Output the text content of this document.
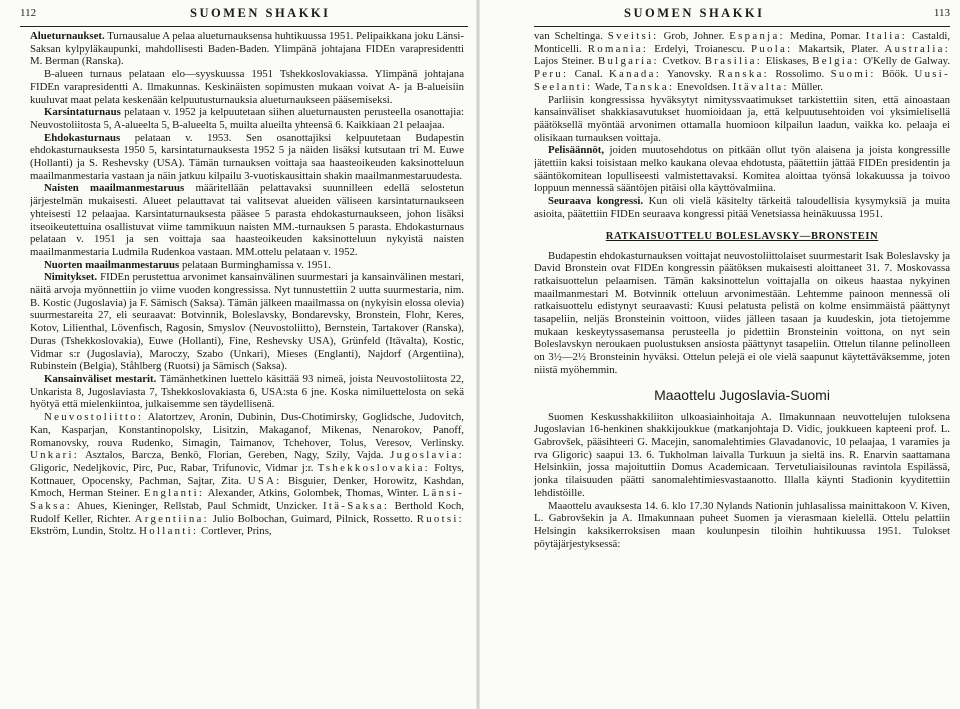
112	SUOMEN SHAKKI

Alueturnaukset. Turnausalue A pelaa alueturnauksensa huhtikuussa 1951. Pelipaikkana joku Länsi-Saksan kylpyläkaupunki, mahdollisesti Baden-Baden. Ylimpänä johtajana FIDEn varapresidentti M. Berman (Ranska).

B-alueen turnaus pelataan elo—syyskuussa 1951 Tshekkoslovakiassa. Ylimpänä johtajana FIDEn varapresidentti A. Ilmakunnas. Keskinäisten sopimusten mukaan voivat A- ja B-alueisiin kuuluvat maat pelata keskenään kelpuutusturnauksia alueturnaukseen pääsemiseksi.

Karsintaturnaus pelataan v. 1952 ja kelpuutetaan siihen alueturnausten perusteella osanottajia: Neuvostoliitosta 5, A-alueelta 5, B-alueelta 5, muilta alueilta yhteensä 6. Kaikkiaan 21 pelaajaa.

Ehdokasturnaus pelataan v. 1953. Sen osanottajiksi kelpuutetaan Budapestin ehdokasturnauksesta 1950 5, karsintaturnauksesta 1952 5 ja näiden lisäksi kutsutaan tri M. Euwe (Hollanti) ja S. Reshevsky (USA). Tämän turnauksen voittaja saa haasteoikeuden kaksinotteluun maailmanmestaria vastaan ja näin jatkuu kilpailu 3-vuotiskausittain shakin maailmanmestaruudesta.

Naisten maailmanmestaruus määritellään pelattavaksi suunnilleen edellä selostetun järjestelmän mukaisesti. Alueet pelauttavat tai valitsevat alueiden väliseen karsintaturnaukseen yhteisesti 12 pelaajaa. Karsintaturnauksesta pääsee 5 parasta ehdokasturnaukseen, johon lisäksi itseoikeutettuina osallistuvat viime tammikuun naisten MM.-turnauksen 5 parasta. Ehdokasturnaus pelataan v. 1951 ja sen voittaja saa haasteoikeuden kaksinotteluun nykyistä naisten maailmanmestaria Ludmila Rudenkoa vastaan. MM.ottelu pelataan v. 1952.

Nuorten maailmanmestaruus pelataan Burminghamissa v. 1951.

Nimitykset. FIDEn perustettua arvonimet kansainvälinen suurmestari ja kansainvälinen mestari, näitä arvoja myönnettiin jo viime vuoden kongressissa. Nyt tunnustettiin 2 uutta suurmestaria, nim. B. Kostic (Jugoslavia) ja F. Sämisch (Saksa). Tämän jälkeen maailmassa on (nykyisin elossa olevia) suurmestareita 27, eli seuraavat: Botvinnik, Boleslavsky, Bondarevsky, Bronstein, Flohr, Keres, Kotov, Lilienthal, Lövenfisch, Ragosin, Smyslov (Neuvostoliitto), Bernstein, Tartakover (Ranska), Duras (Tshekkoslovakia), Euwe (Hollanti), Fine, Reshevsky USA), Grünfeld (Itävalta), Kostic, Vidmar s:r (Jugoslavia), Maroczy, Szabo (Unkari), Mieses (Englanti), Najdorf (Argentiina), Rubinstein (Belgia), Ståhlberg (Ruotsi) ja Sämisch (Saksa).

Kansainväliset mestarit. Tämänhetkinen luettelo käsittää 93 nimeä, joista Neuvostoliitosta 22, Unkarista 8, Jugoslaviasta 7, Tshekkoslovakiasta 6, USA:sta 6 jne. Koska nimiluettelosta on sekä hyötyä että mielenkiintoa, julkaisemme sen täydellisenä.

Neuvostoliitto: Alatortzev, Aronin, Dubinin, Dus-Chotimirsky, Goglidsche, Judovitch, Kan, Kasparjan, Konstantinopolsky, Lisitzin, Makaganof, Mikenas, Nenarokov, Panoff, Romanovsky, rouva Rudenko, Simagin, Taimanov, Tchehover, Tolus, Veresov, Verlinsky. Unkari: Asztalos, Barcza, Benkö, Florian, Gereben, Nagy, Szily, Vajda. Jugoslavia: Gligoric, Nedeljkovic, Pirc, Puc, Rabar, Trifunovic, Vidmar j:r. Tshekkoslovakia: Foltys, Kottnauer, Opocensky, Pachman, Sajtar, Zita. USA: Bisguier, Denker, Horowitz, Kashdan, Kmoch, Herman Steiner. Englanti: Alexander, Atkins, Golombek, Thomas, Winter. Länsi-Saksa: Ahues, Kieninger, Rellstab, Paul Schmidt, Unzicker. Itä-Saksa: Berthold Koch, Rudolf Keller, Richter. Argentiina: Julio Bolbochan, Guimard, Pilnick, Rossetto. Ruotsi: Ekström, Lundin, Stoltz. Hollanti: Cortlever, Prins,

SUOMEN SHAKKI	113

van Scheltinga. Sveitsi: Grob, Johner. Espanja: Medina, Pomar. Italia: Castaldi, Monticelli. Romania: Erdelyi, Troianescu. Puola: Makartsik, Plater. Australia: Lajos Steiner. Bulgaria: Cvetkov. Brasilia: Eliskases, Belgia: O'Kelly de Galway. Peru: Canal. Kanada: Yanovsky. Ranska: Rossolimo. Suomi: Böök. Uusi-Seelanti: Wade, Tanska: Enevoldsen. Itävalta: Müller.

Parliisin kongressissa hyväksytyt nimityssvaatimukset tarkistettiin siten, että ainoastaan kansainväliset shakkiasavutukset huomioidaan ja, että kelpuutusehtoiden voi yksimielisellä päätöksellä myöntää arvonimen ottamalla huomioon kilpailun laadun, vaikka ko. pelaaja ei olisikaan turnauksen voittaja.

Pelisäännöt, joiden muutosehdotus on pitkään ollut työn alaisena ja joista kongressille jätettiin kaksi toisistaan melko kaukana olevaa ehdotusta, päätettiin jättää FIDEn presidentin ja sääntökomitean lopulliseesti valmistettavaksi. Komitea aloittaa työnsä lokakuussa ja toivoo loppuun mennessä sääntöjen pitäisi olla käyttövalmiina.

Seuraava kongressi. Kun oli vielä käsitelty tärkeitä taloudellisia kysymyksiä ja muita asioita, päätettiin FIDEn seuraava kongressi pitää Venetsiassa heinäkuussa 1951.

RATKAISUOTTELU BOLESLAVSKY—BRONSTEIN

Budapestin ehdokasturnauksen voittajat neuvostoliittolaiset suurmestarit Isak Boleslavsky ja David Bronstein ovat FIDEn kongressin päätöksen mukaisesti aloittaneet 31. 7. Moskovassa ratkaisuottelun pelaamisen. Tämän kaksinottelun voittajalla on oikeus haastaa nykyinen maailmanmestari M. Botvinnik otteluun arvonimestään. Lehtemme painoon mennessä oli ratkaisuottelu edistynyt seuraavasti: Kuusi pelatusta pelistä on kolme ensimmäistä päättynyt tasapeliin, neljäs Bronsteinin voittoon, viides jälleen tasaan ja kuudeskin, jota tietojemme mukaan keskeytyssasemansa perusteella jo pidettiin Bronsteinin voittona, on nyt sein Boleslavskyn neroukaen puolustuksen ansiosta päättynyt tasapeliin. Ottelun tilanne pelinolleen on 3½—2½ Bronsteinin hyväksi. Ottelun pelejä ei ole vielä saapunut käytettäväksemme, joten niistä myöhemmin.

Maaottelu Jugoslavia-Suomi

Suomen Keskusshakkiliiton ulkoasiainhoitaja A. Ilmakunnaan neuvottelujen tuloksena Jugoslavian 16-henkinen shakkijoukkue (matkanjohtaja D. Vidic, joukkueen kapteeni prof. L. Gabrovšek, pääsihteeri G. Macejin, sanomalehtimies Glavadanovic, 10 pelaajaa, 1 varamies ja rva Gligoric) saapui 13. 6. Tukholman laivalla Turkuun ja sieltä ins. R. Enarvin saattamana Helsinkiin, jossa majoituttiin Domus Academicaan. Tervetuliaisilounas ravintola Espilässä, jonka tilaisuuden päätti sanomalehtimiesvastaanotto. Illalla käynti Stadionin kyyditettiin lehdistöille.

Maaottelu avauksesta 14. 6. klo 17.30 Nylands Nationin juhlasalissa mainittakoon V. Kiven, L. Gabrovšekin ja A. Ilmakunnaan puheet Suomen ja vierasmaan kielellä. Ottelu pelattiin Helsingin kaksikerroksisen maan koulunpesin tiloihin huhtikuussa 1951. Tulokset pöytäjärjestyksessä:
